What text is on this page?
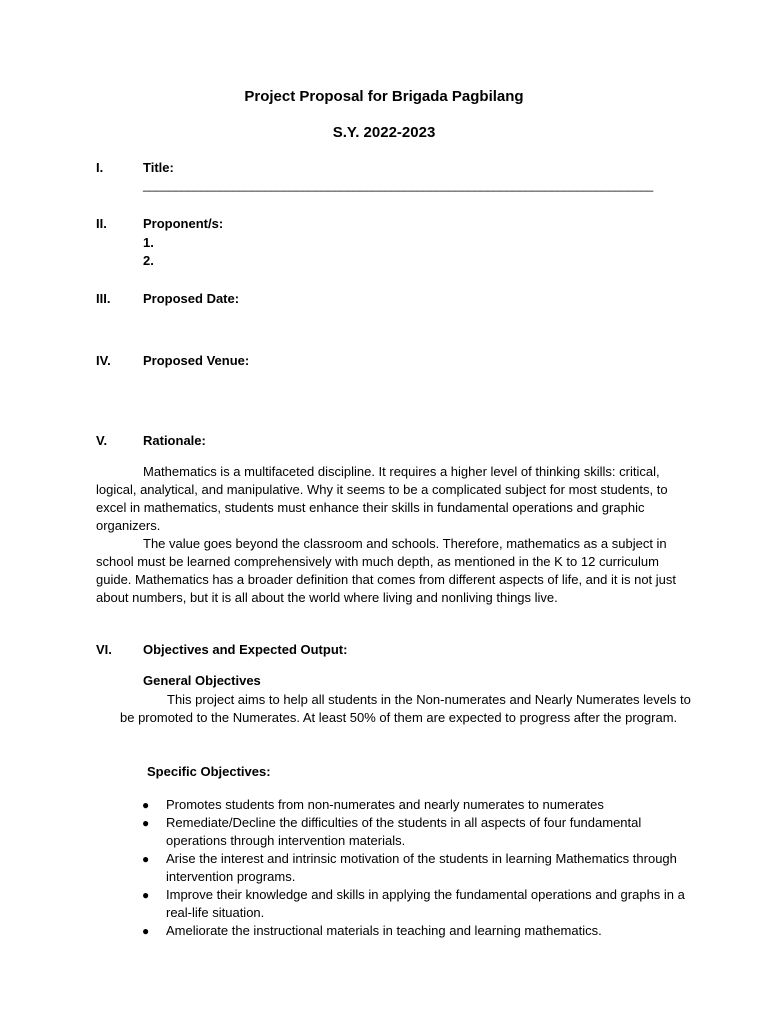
Project Proposal for Brigada Pagbilang
S.Y. 2022-2023
I.	Title:
________________________________________________________________________________
II.	Proponent/s:
1.
2.
III.	Proposed Date:
IV. Proposed Venue:
V.	Rationale:
Mathematics is a multifaceted discipline. It requires a higher level of thinking skills: critical, logical, analytical, and manipulative. Why it seems to be a complicated subject for most students, to excel in mathematics, students must enhance their skills in fundamental operations and graphic organizers.
The value goes beyond the classroom and schools. Therefore, mathematics as a subject in school must be learned comprehensively with much depth, as mentioned in the K to 12 curriculum guide. Mathematics has a broader definition that comes from different aspects of life, and it is not just about numbers, but it is all about the world where living and nonliving things live.
VI. Objectives and Expected Output:
General Objectives
This project aims to help all students in the Non-numerates and Nearly Numerates levels to be promoted to the Numerates. At least 50% of them are expected to progress after the program.
Specific Objectives:
● Promotes students from non-numerates and nearly numerates to numerates
● Remediate/Decline the difficulties of the students in all aspects of four fundamental operations through intervention materials.
● Arise the interest and intrinsic motivation of the students in learning Mathematics through intervention programs.
● Improve their knowledge and skills in applying the fundamental operations and graphs in a real-life situation.
● Ameliorate the instructional materials in teaching and learning mathematics.
